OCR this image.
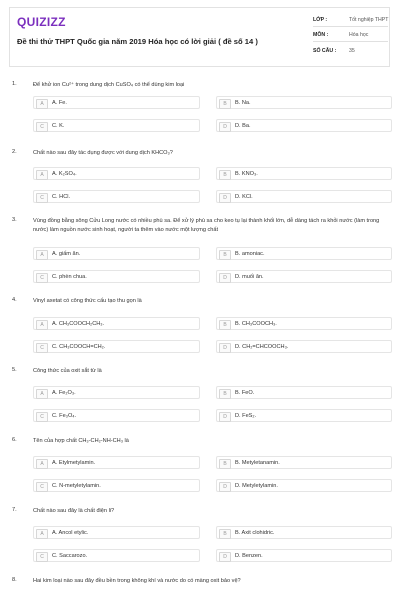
QUIZIZZ
Đề thi thử THPT Quốc gia năm 2019 Hóa học có lời giải ( đề số 14 )
LỚP :	Tốt nghiệp THPT
MÔN :	Hóa học
SỐ CÂU : 35
1.	Để khử ion Cu²⁺ trong dung dịch CuSO₄ có thể dùng kim loại
A	A. Fe.	B	B. Na.
C	C. K.	D	D. Ba.
2.	Chất nào sau đây tác dụng được với dung dịch KHCO₃?
A	A. K₂SO₄.	B	B. KNO₃.
C	C. HCl.	D	D. KCl.
3.	Vùng đồng bằng sông Cửu Long nước có nhiều phù sa. Để xử lý phù sa cho keo tụ lại thành khối lớn, dễ dàng tách ra khỏi nước (làm trong nước) làm nguồn nước sinh hoạt, người ta thêm vào nước một lượng chất
A	A. giấm ăn.	B	B. amoniac.
C	C. phèn chua.	D	D. muối ăn.
4.	Vinyl axetat có công thức cấu tạo thu gọn là
A	A. CH₃COOCH₂CH₃.	B	B. CH₃COOCH₃.
C	C. CH₃COOCH=CH₂.	D	D. CH₂=CHCOOCH₃.
5.	Công thức của oxit sắt từ là
A	A. Fe₂O₃.	B	B. FeO.
C	C. Fe₃O₄.	D	D. FeS₂.
6.	Tên của hợp chất CH₃-CH₂-NH-CH₃ là
A	A. Etylmetylamin.	B	B. Metyletanamin.
C	C. N-metyletylamin.	D	D. Metyletylamin.
7.	Chất nào sau đây là chất điện li?
A	A. Ancol etylic.	B	B. Axit clohidric.
C	C. Saccarozo.	D	D. Benzen.
8.	Hai kim loại nào sau đây đều bền trong không khí và nước do có màng oxit bảo vệ?
